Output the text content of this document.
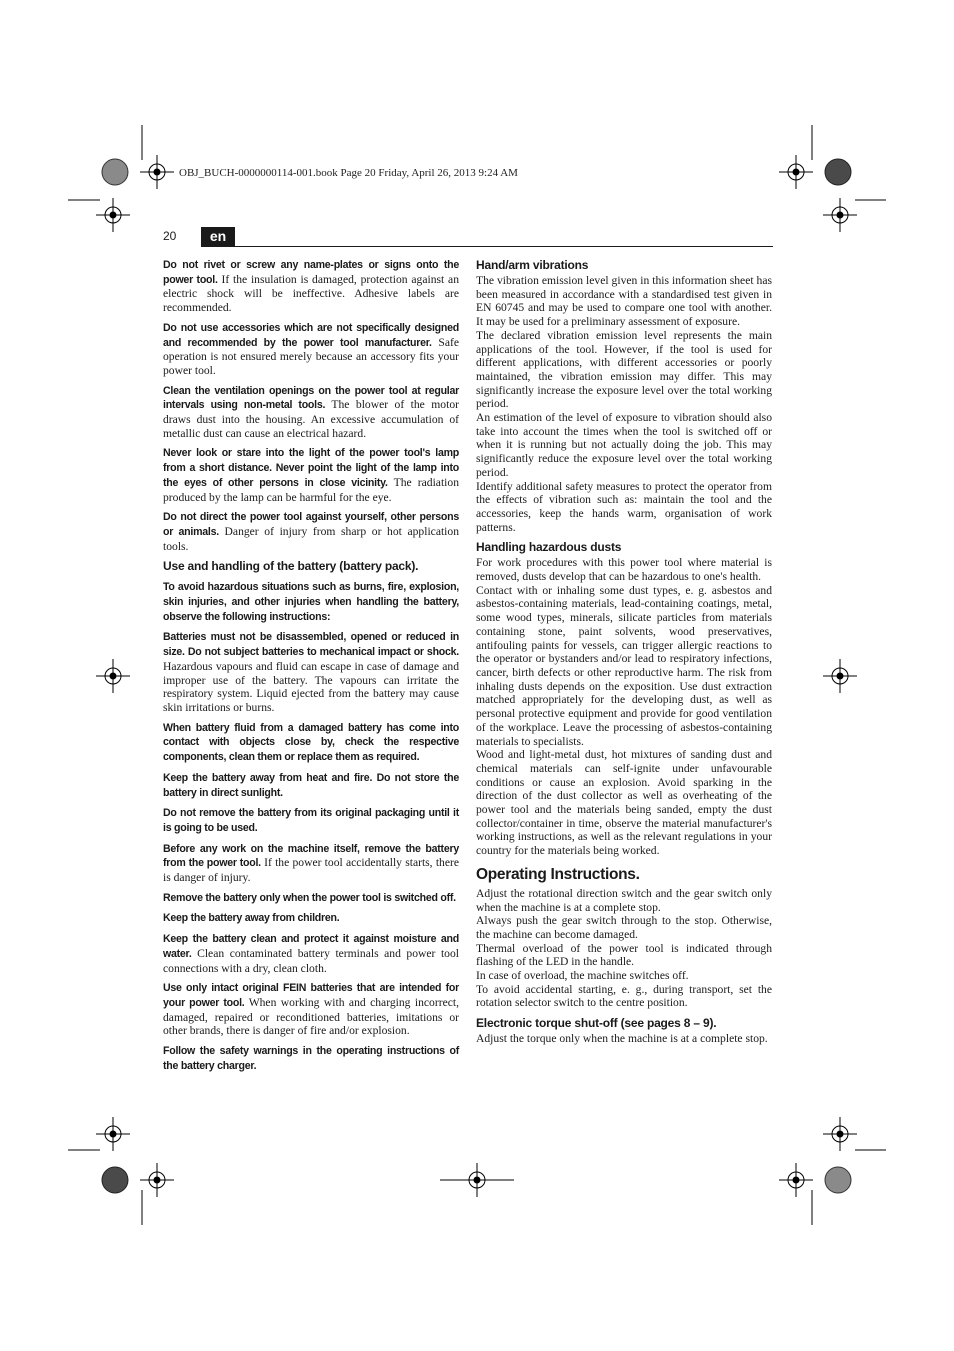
OBJ_BUCH-0000000114-001.book Page 20 Friday, April 26, 2013 9:24 AM
20	en

Do not rivet or screw any name-plates or signs onto the power tool. If the insulation is damaged, protection against an electric shock will be ineffective. Adhesive labels are recommended.

Do not use accessories which are not specifically designed and recommended by the power tool manufacturer. Safe operation is not ensured merely because an accessory fits your power tool.

Clean the ventilation openings on the power tool at regular intervals using non-metal tools. The blower of the motor draws dust into the housing. An excessive accumulation of metallic dust can cause an electrical hazard.

Never look or stare into the light of the power tool's lamp from a short distance. Never point the light of the lamp into the eyes of other persons in close vicinity. The radiation produced by the lamp can be harmful for the eye.

Do not direct the power tool against yourself, other persons or animals. Danger of injury from sharp or hot application tools.

Use and handling of the battery (battery pack).

To avoid hazardous situations such as burns, fire, explosion, skin injuries, and other injuries when handling the battery, observe the following instructions:

Batteries must not be disassembled, opened or reduced in size. Do not subject batteries to mechanical impact or shock. Hazardous vapours and fluid can escape in case of damage and improper use of the battery. The vapours can irritate the respiratory system. Liquid ejected from the battery may cause skin irritations or burns.

When battery fluid from a damaged battery has come into contact with objects close by, check the respective components, clean them or replace them as required.

Keep the battery away from heat and fire. Do not store the battery in direct sunlight.

Do not remove the battery from its original packaging until it is going to be used.

Before any work on the machine itself, remove the battery from the power tool. If the power tool accidentally starts, there is danger of injury.

Remove the battery only when the power tool is switched off.

Keep the battery away from children.

Keep the battery clean and protect it against moisture and water. Clean contaminated battery terminals and power tool connections with a dry, clean cloth.

Use only intact original FEIN batteries that are intended for your power tool. When working with and charging incorrect, damaged, repaired or reconditioned batteries, imitations or other brands, there is danger of fire and/or explosion.

Follow the safety warnings in the operating instructions of the battery charger.

Hand/arm vibrations

The vibration emission level given in this information sheet has been measured in accordance with a standardised test given in EN 60745 and may be used to compare one tool with another. It may be used for a preliminary assessment of exposure.

The declared vibration emission level represents the main applications of the tool. However, if the tool is used for different applications, with different accessories or poorly maintained, the vibration emission may differ. This may significantly increase the exposure level over the total working period.

An estimation of the level of exposure to vibration should also take into account the times when the tool is switched off or when it is running but not actually doing the job. This may significantly reduce the exposure level over the total working period.

Identify additional safety measures to protect the operator from the effects of vibration such as: maintain the tool and the accessories, keep the hands warm, organisation of work patterns.

Handling hazardous dusts

For work procedures with this power tool where material is removed, dusts develop that can be hazardous to one's health.

Contact with or inhaling some dust types, e. g. asbestos and asbestos-containing materials, lead-containing coatings, metal, some wood types, minerals, silicate particles from materials containing stone, paint solvents, wood preservatives, antifouling paints for vessels, can trigger allergic reactions to the operator or bystanders and/or lead to respiratory infections, cancer, birth defects or other reproductive harm. The risk from inhaling dusts depends on the exposition. Use dust extraction matched appropriately for the developing dust, as well as personal protective equipment and provide for good ventilation of the workplace. Leave the processing of asbestos-containing materials to specialists.

Wood and light-metal dust, hot mixtures of sanding dust and chemical materials can self-ignite under unfavourable conditions or cause an explosion. Avoid sparking in the direction of the dust collector as well as overheating of the power tool and the materials being sanded, empty the dust collector/container in time, observe the material manufacturer's working instructions, as well as the relevant regulations in your country for the materials being worked.

Operating Instructions.

Adjust the rotational direction switch and the gear switch only when the machine is at a complete stop.

Always push the gear switch through to the stop. Otherwise, the machine can become damaged.

Thermal overload of the power tool is indicated through flashing of the LED in the handle.

In case of overload, the machine switches off.

To avoid accidental starting, e. g., during transport, set the rotation selector switch to the centre position.

Electronic torque shut-off (see pages 8 – 9).

Adjust the torque only when the machine is at a complete stop.
